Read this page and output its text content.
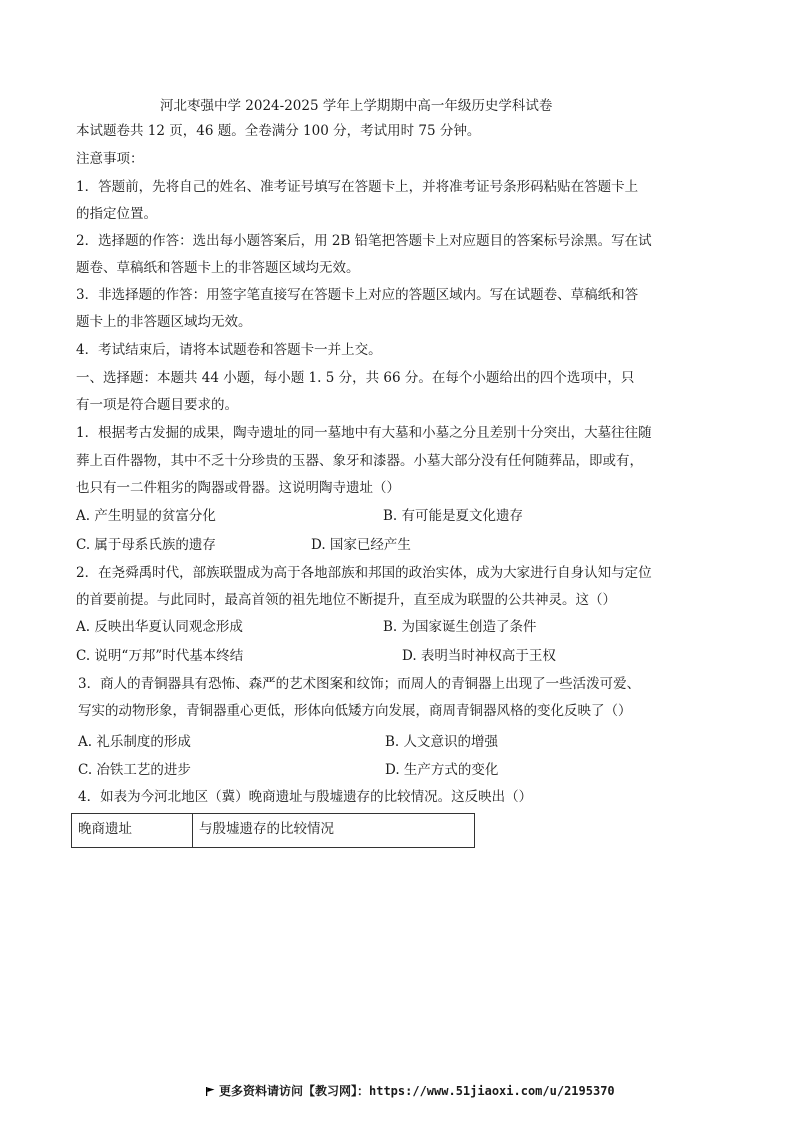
河北枣强中学 2024-2025 学年上学期期中高一年级历史学科试卷
本试题卷共 12 页，46 题。全卷满分 100 分，考试用时 75 分钟。
注意事项：
1．答题前，先将自己的姓名、准考证号填写在答题卡上，并将准考证号条形码粘贴在答题卡上
的指定位置。
2．选择题的作答：选出每小题答案后，用 2B 铅笔把答题卡上对应题目的答案标号涂黑。写在试
题卷、草稿纸和答题卡上的非答题区域均无效。
3．非选择题的作答：用签字笔直接写在答题卡上对应的答题区域内。写在试题卷、草稿纸和答
题卡上的非答题区域均无效。
4．考试结束后，请将本试题卷和答题卡一并上交。
一、选择题：本题共 44 小题，每小题 1. 5 分，共 66 分。在每个小题给出的四个选项中，只
有一项是符合题目要求的。
1．根据考古发掘的成果，陶寺遗址的同一墓地中有大墓和小墓之分且差别十分突出，大墓往往随
葬上百件器物，其中不乏十分珍贵的玉器、象牙和漆器。小墓大部分没有任何随葬品，即或有，
也只有一二件粗劣的陶器或骨器。这说明陶寺遗址（）
A. 产生明显的贫富分化	B. 有可能是夏文化遗存
C. 属于母系氏族的遗存	D. 国家已经产生
2．在尧舜禹时代，部族联盟成为高于各地部族和邦国的政治实体，成为大家进行自身认知与定位
的首要前提。与此同时，最高首领的祖先地位不断提升，直至成为联盟的公共神灵。这（）
A. 反映出华夏认同观念形成	B. 为国家诞生创造了条件
C. 说明“万邦”时代基本终结	D. 表明当时神权高于王权
3．商人的青铜器具有恐怖、森严的艺术图案和纹饰；而周人的青铜器上出现了一些活泼可爱、
写实的动物形象，青铜器重心更低，形体向低矮方向发展，商周青铜器风格的变化反映了（）
A. 礼乐制度的形成	B. 人文意识的增强
C. 冶铁工艺的进步	D. 生产方式的变化
4．如表为今河北地区（冀）晚商遗址与殷墟遗存的比较情况。这反映出（）
晚商遗址	与殷墟遗存的比较情况
更多资料请访问【教习网】：https://www.51jiaoxi.com/u/2195370
